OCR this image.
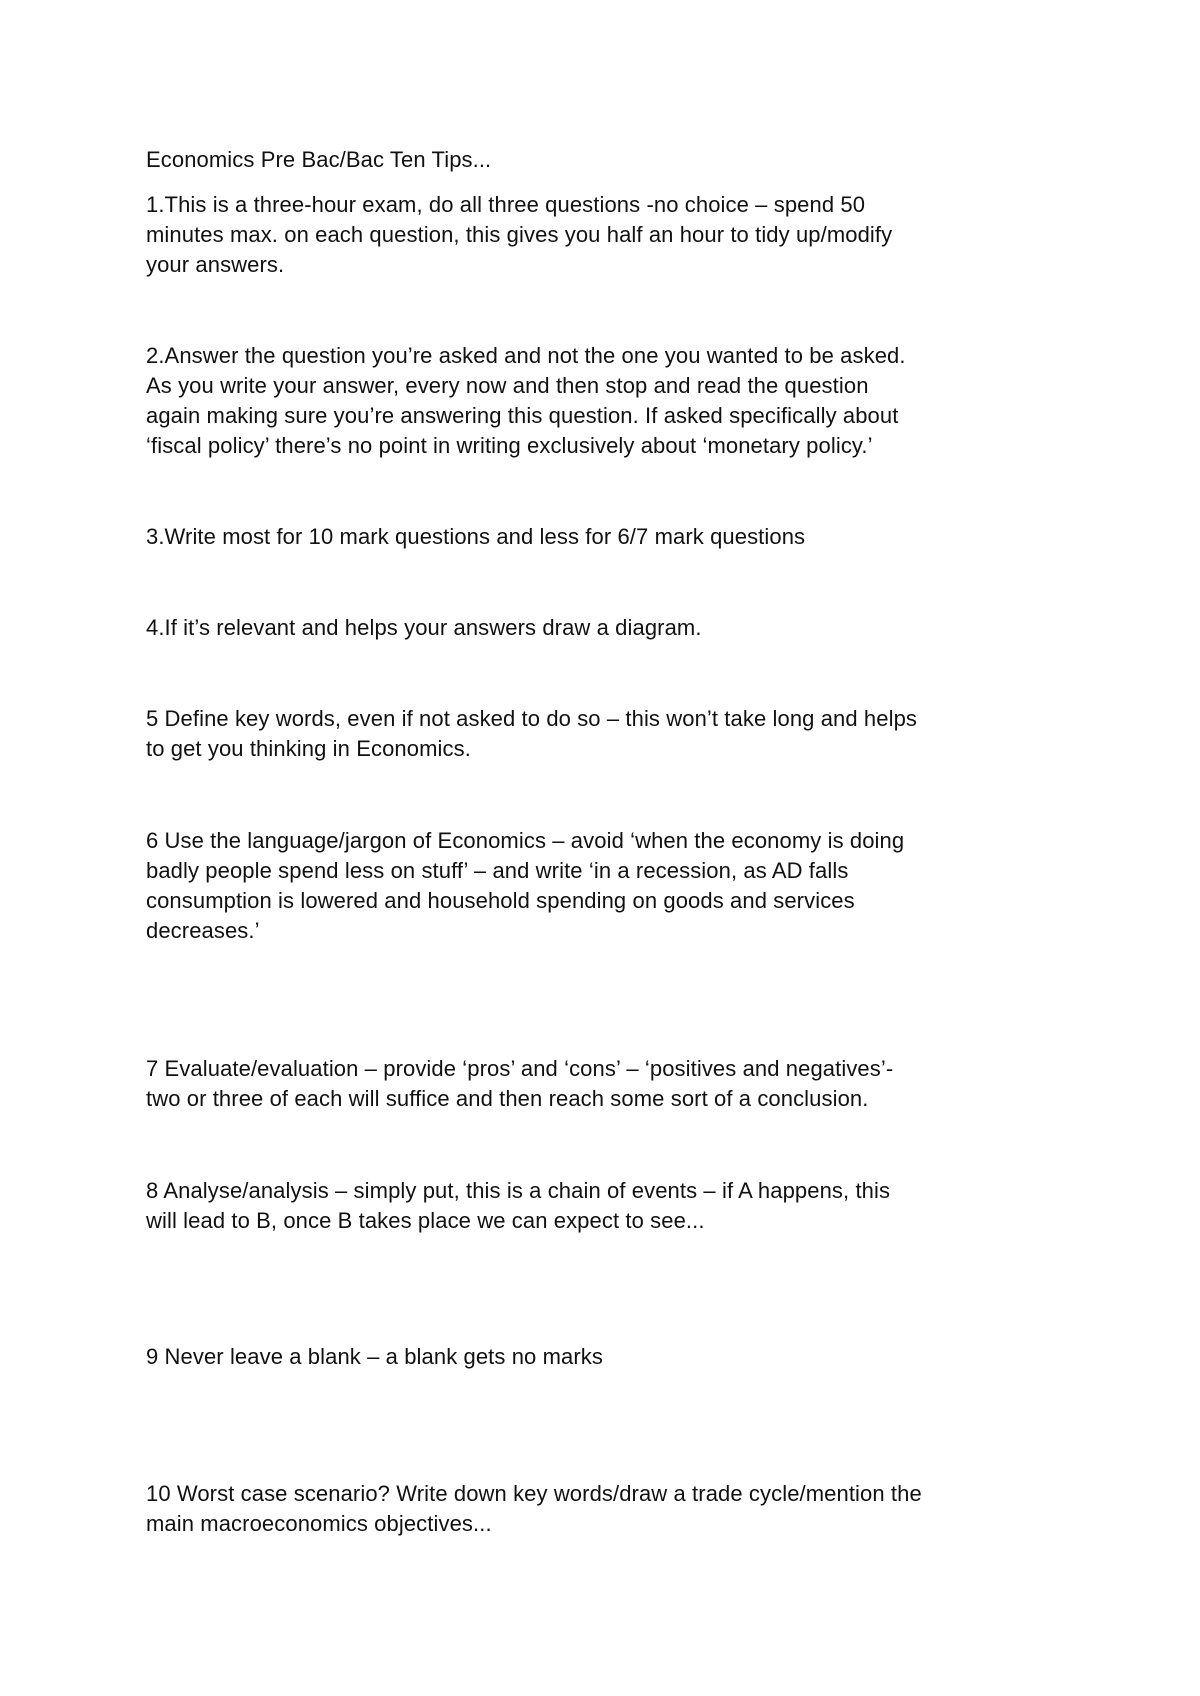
Economics Pre Bac/Bac Ten Tips...
1.This is a three-hour exam, do all three questions -no choice – spend 50
minutes max. on each question, this gives you half an hour to tidy up/modify
your answers.
2.Answer the question you’re asked and not the one you wanted to be asked.
As you write your answer, every now and then stop and read the question
again making sure you’re answering this question. If asked specifically about
‘fiscal policy’ there’s no point in writing exclusively about ‘monetary policy.’
3.Write most for 10 mark questions and less for 6/7 mark questions
4.If it’s relevant and helps your answers draw a diagram.
5 Define key words, even if not asked to do so – this won’t take long and helps
to get you thinking in Economics.
6 Use the language/jargon of Economics – avoid ‘when the economy is doing
badly people spend less on stuff’ – and write ‘in a recession, as AD falls
consumption is lowered and household spending on goods and services
decreases.’
7 Evaluate/evaluation – provide ‘pros’ and ‘cons’ – ‘positives and negatives’-
two or three of each will suffice and then reach some sort of a conclusion.
8 Analyse/analysis – simply put, this is a chain of events – if A happens, this
will lead to B, once B takes place we can expect to see...
9 Never leave a blank – a blank gets no marks
10 Worst case scenario? Write down key words/draw a trade cycle/mention the
main macroeconomics objectives...
